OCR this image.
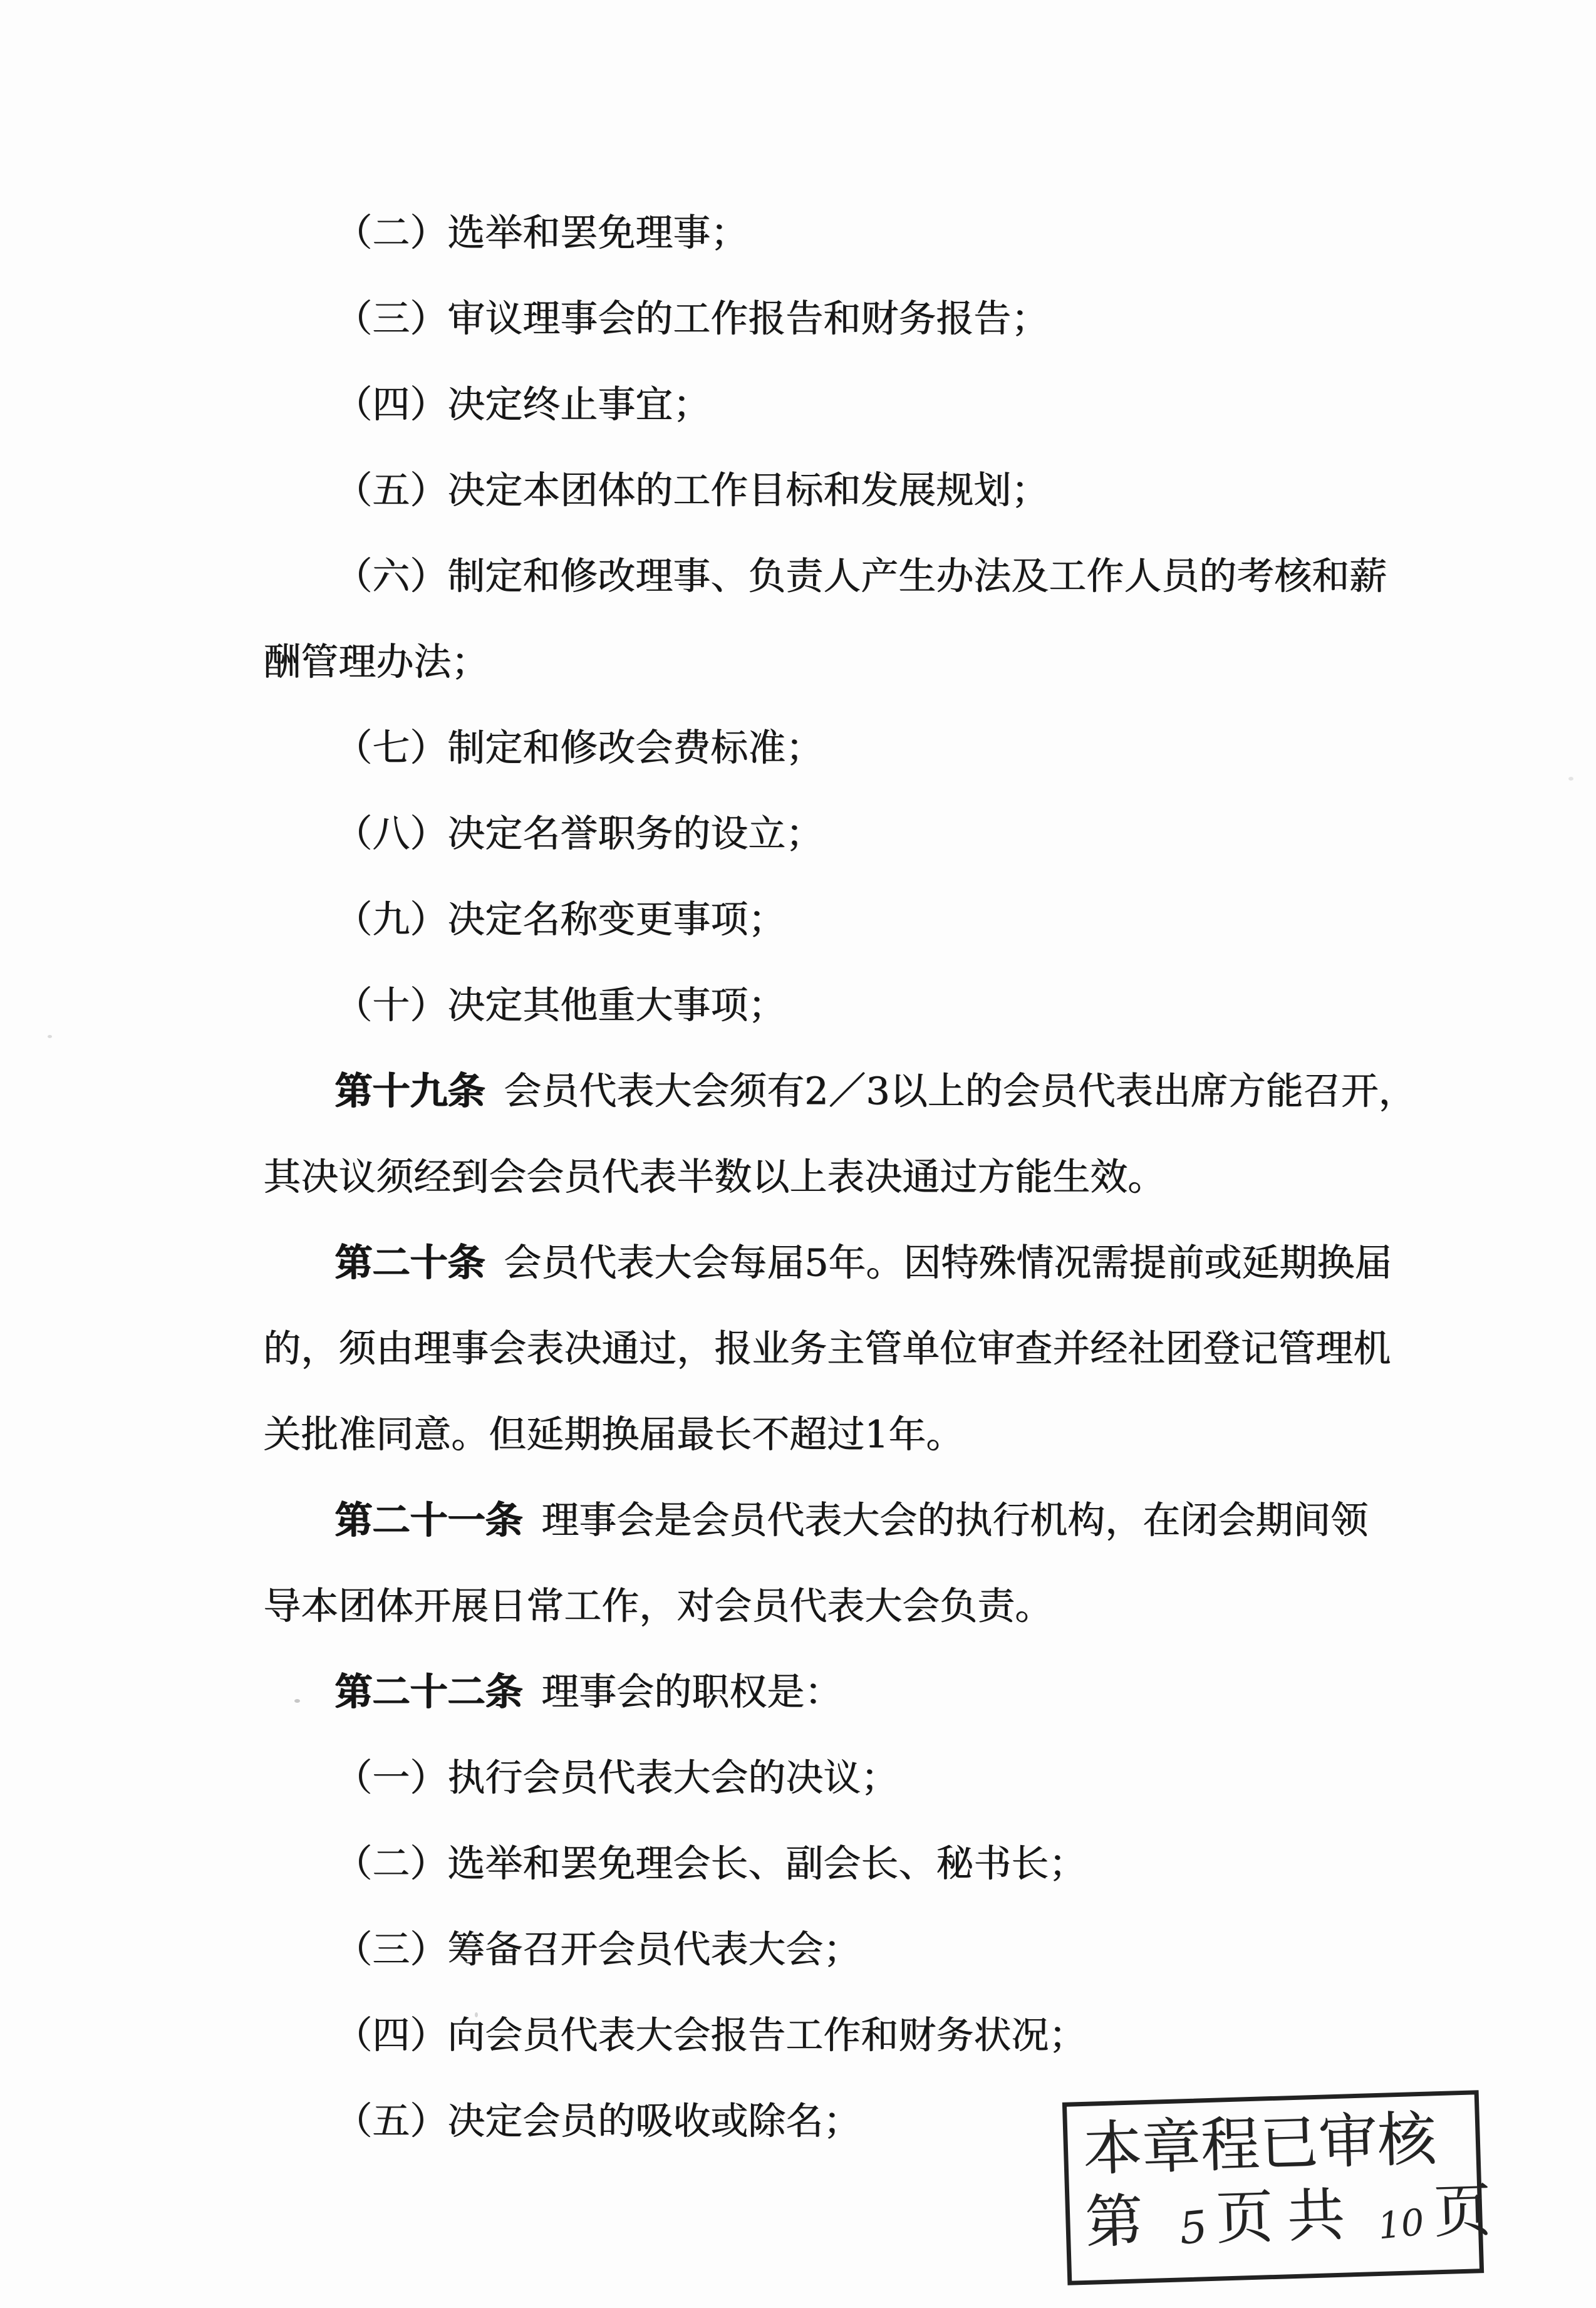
（二）选举和罢免理事；
（三）审议理事会的工作报告和财务报告；
（四）决定终止事宜；
（五）决定本团体的工作目标和发展规划；
（六）制定和修改理事、负责人产生办法及工作人员的考核和薪
酬管理办法；
（七）制定和修改会费标准；
（八）决定名誉职务的设立；
（九）决定名称变更事项；
（十）决定其他重大事项；
第十九条 会员代表大会须有2／3以上的会员代表出席方能召开，
其决议须经到会会员代表半数以上表决通过方能生效。
第二十条 会员代表大会每届5年。因特殊情况需提前或延期换届
的，须由理事会表决通过，报业务主管单位审查并经社团登记管理机
关批准同意。但延期换届最长不超过1年。
第二十一条 理事会是会员代表大会的执行机构，在闭会期间领
导本团体开展日常工作，对会员代表大会负责。
第二十二条 理事会的职权是：
（一）执行会员代表大会的决议；
（二）选举和罢免理会长、副会长、秘书长；
（三）筹备召开会员代表大会；
（四）向会员代表大会报告工作和财务状况；
（五）决定会员的吸收或除名；	本章程已审核
第 5 页 共 10 页
